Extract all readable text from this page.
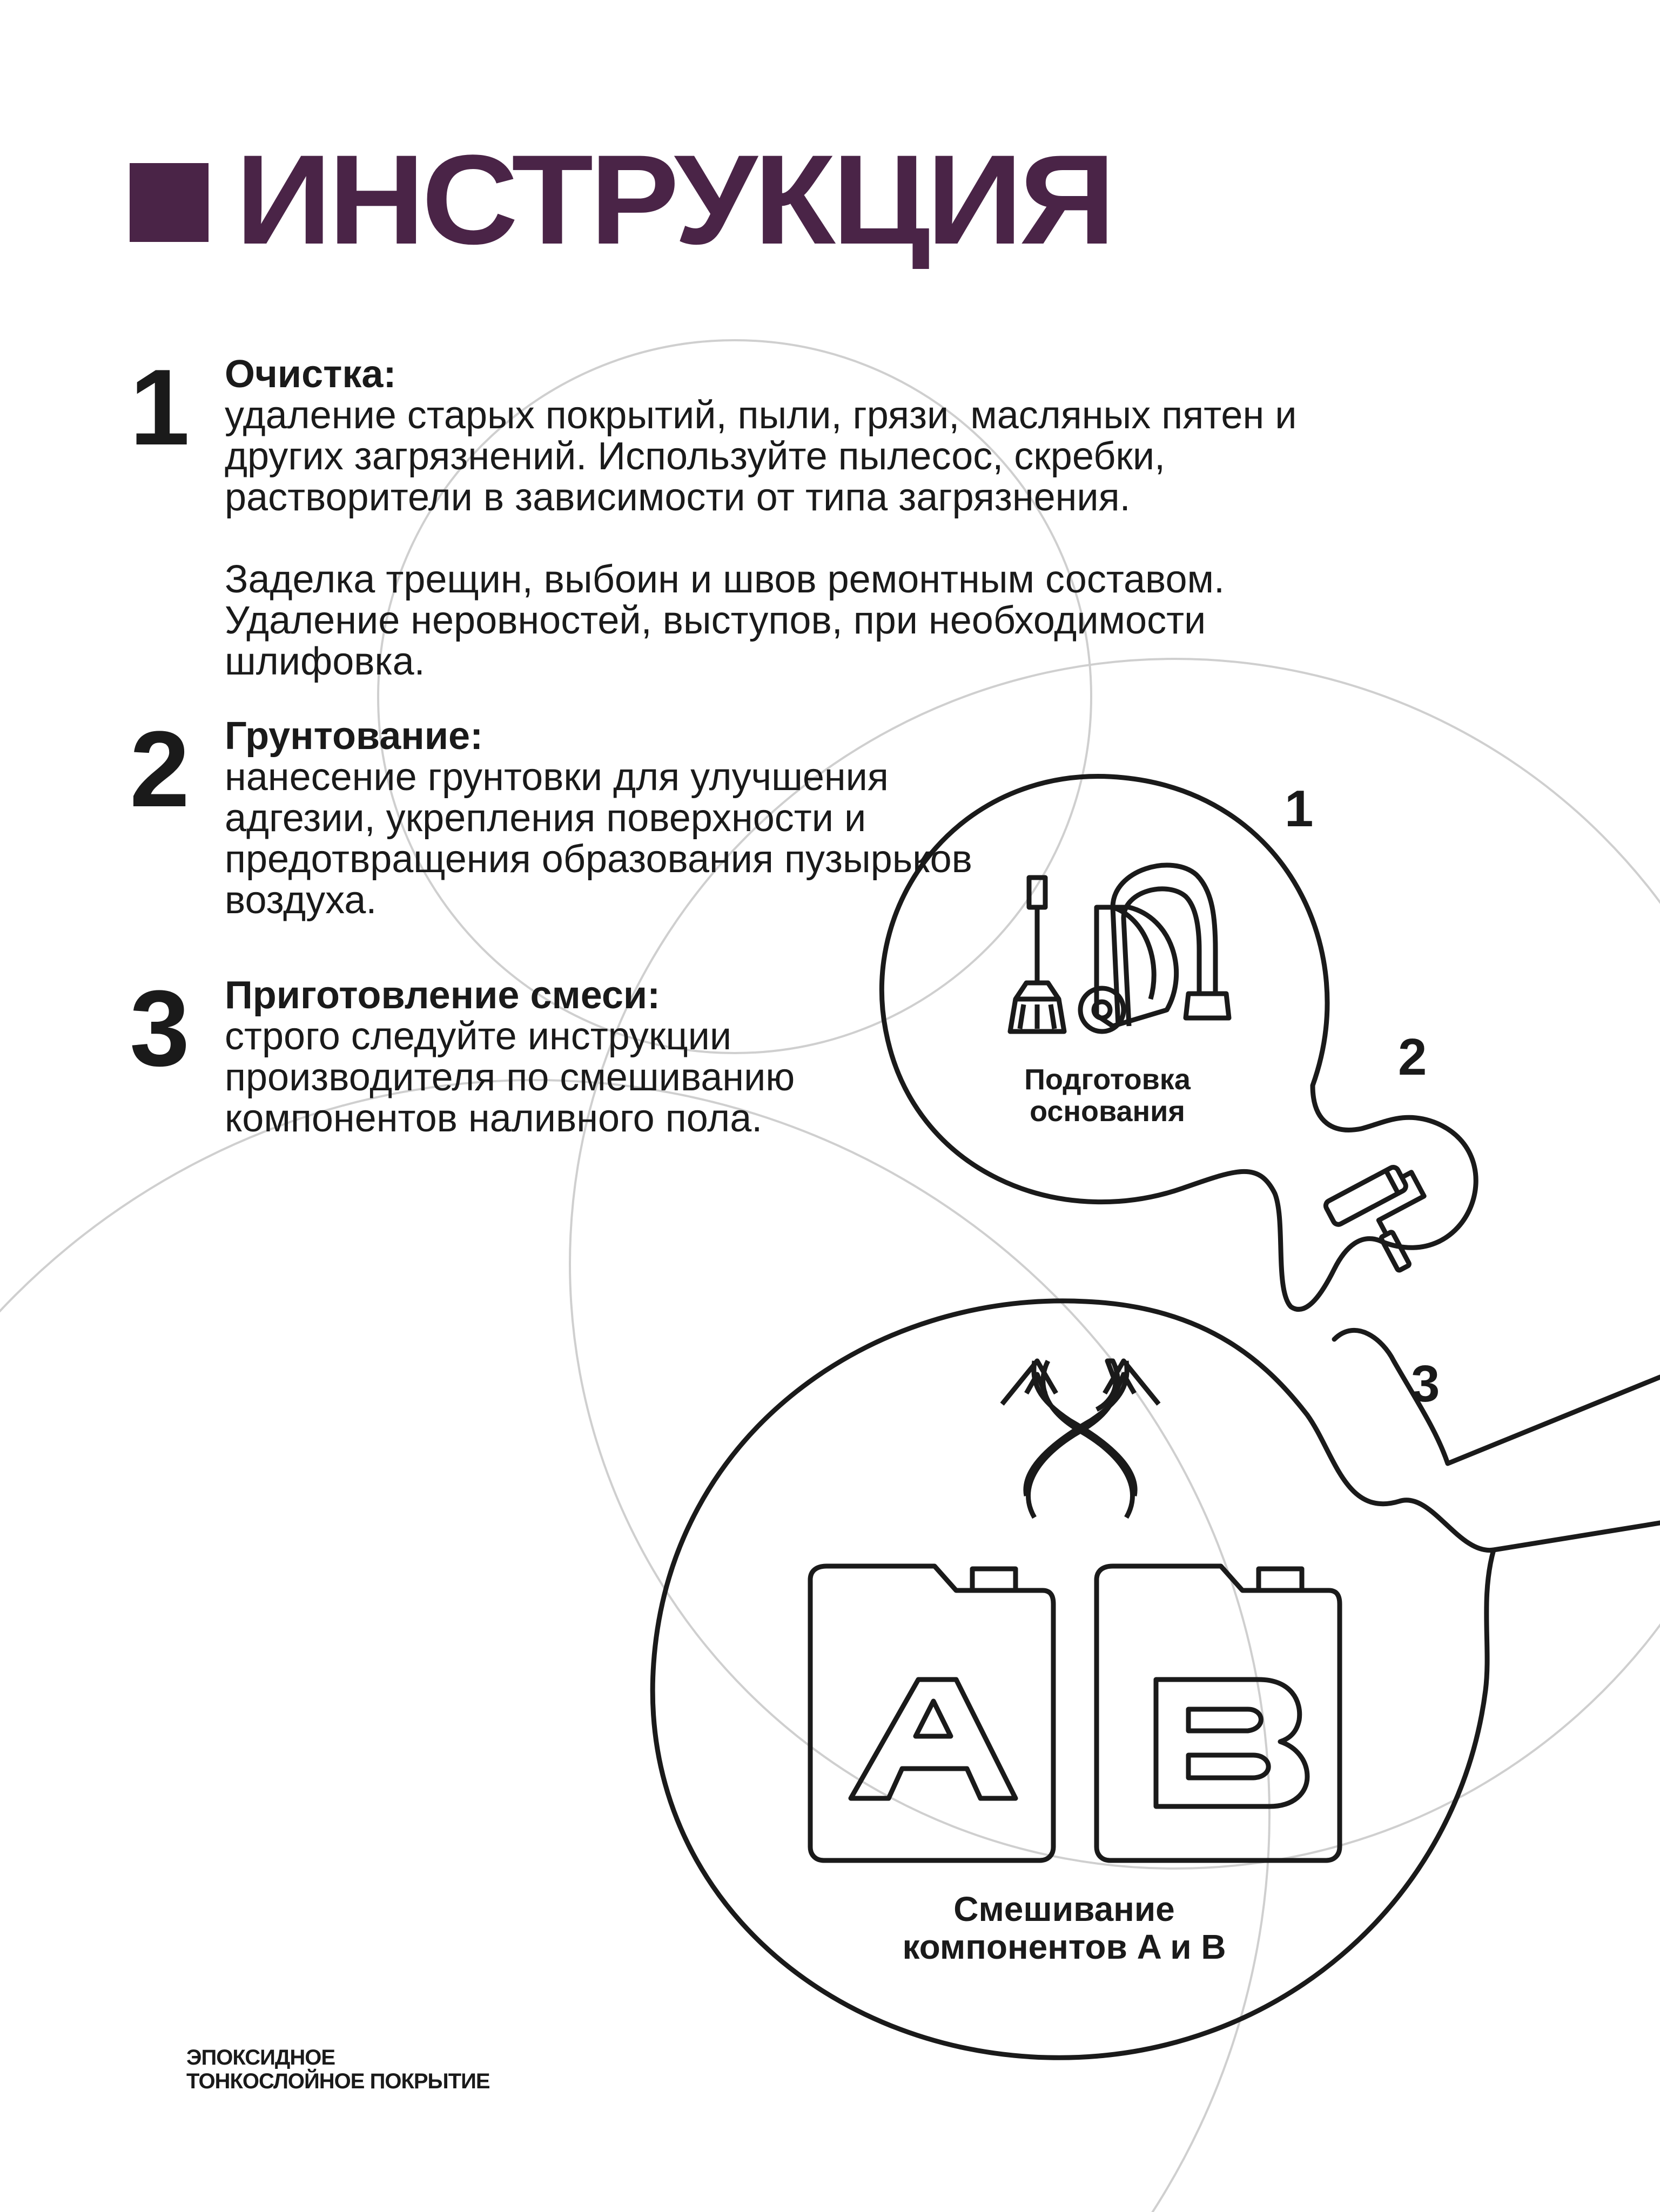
ИНСТРУКЦИЯ
1 Очистка:
удаление старых покрытий, пыли, грязи, масляных пятен и других загрязнений. Используйте пылесос, скребки, растворители в зависимости от типа загрязнения.
Заделка трещин, выбоин и швов ремонтным составом. Удаление неровностей, выступов, при необходимости шлифовка.
2 Грунтование:
нанесение грунтовки для улучшения адгезии, укрепления поверхности и предотвращения образования пузырьков воздуха.
3 Приготовление смеси:
строго следуйте инструкции производителя по смешиванию компонентов наливного пола.
1
2
3
Подготовка основания
Смешивание компонентов A и B
ЭПОКСИДНОЕ
ТОНКОСЛОЙНОЕ ПОКРЫТИЕ
